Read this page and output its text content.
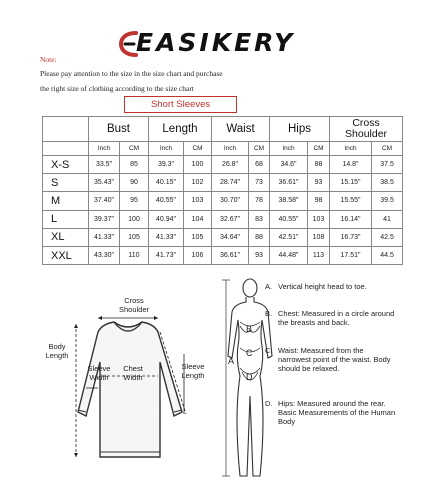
EASIKERY
Note:
Please pay attention to the size in the size chart and purchase
the right size of clothing according to the size chart
Short Sleeves										
	Bust		Length		Waist		Hips		Cross Shoulder	
	Inch	CM	Inch	CM	Inch	CM	Inch	CM	Inch	CM
X-S	33.5"	85	39.3"	100	26.8"	68	34.6"	88	14.8"	37.5
S	35.43"	90	40.15"	102	28.74"	73	36.61"	93	15.15"	38.5
M	37.40"	95	40.55"	103	30.70"	78	38.58"	98	15.55"	39.5
L	39.37"	100	40.94"	104	32.67"	83	40.55"	103	16.14"	41
XL	41.33"	105	41.33"	105	34.64"	88	42.51"	108	16.73"	42.5
XXL	43.30"	110	41.73"	106	36.61"	93	44.48"	113	17.51"	44.5
Cross
Shoulder
Body
Length
Sleeve
Width
Chest
Width
Sleeve
Length
A
B
C
D
A. Vertical height head to toe.
B. Chest: Measured in a circle around the breasts and back.
C. Waist: Measured from the narrowest point of the waist. Body should be relaxed.
D. Hips: Measured around the rear. Basic Measurements of the Human Body
